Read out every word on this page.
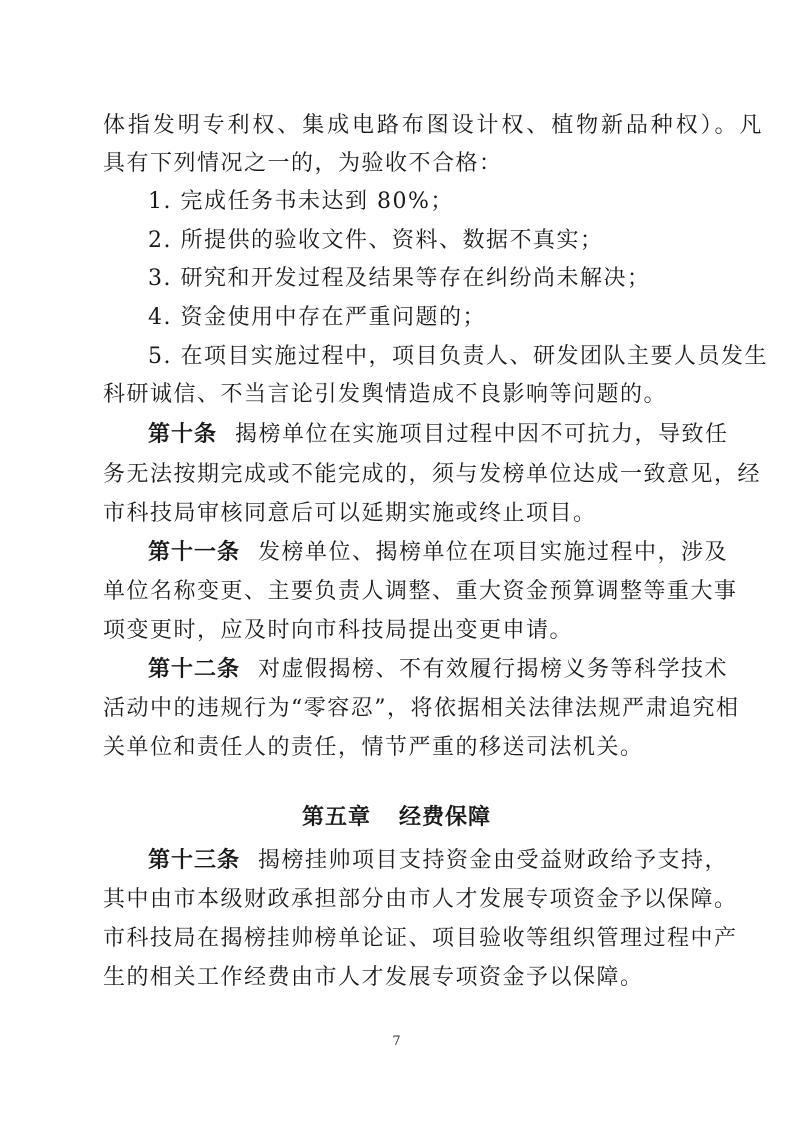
体指发明专利权、集成电路布图设计权、植物新品种权）。凡
具有下列情况之一的，为验收不合格：
1. 完成任务书未达到 80%；
2. 所提供的验收文件、资料、数据不真实；
3. 研究和开发过程及结果等存在纠纷尚未解决；
4. 资金使用中存在严重问题的；
5. 在项目实施过程中，项目负责人、研发团队主要人员发生
科研诚信、不当言论引发舆情造成不良影响等问题的。
第十条 揭榜单位在实施项目过程中因不可抗力，导致任
务无法按期完成或不能完成的，须与发榜单位达成一致意见，经
市科技局审核同意后可以延期实施或终止项目。
第十一条 发榜单位、揭榜单位在项目实施过程中，涉及
单位名称变更、主要负责人调整、重大资金预算调整等重大事
项变更时，应及时向市科技局提出变更申请。
第十二条 对虚假揭榜、不有效履行揭榜义务等科学技术
活动中的违规行为“零容忍”，将依据相关法律法规严肃追究相
关单位和责任人的责任，情节严重的移送司法机关。
第五章 经费保障
第十三条 揭榜挂帅项目支持资金由受益财政给予支持，
其中由市本级财政承担部分由市人才发展专项资金予以保障。
市科技局在揭榜挂帅榜单论证、项目验收等组织管理过程中产
生的相关工作经费由市人才发展专项资金予以保障。
7
